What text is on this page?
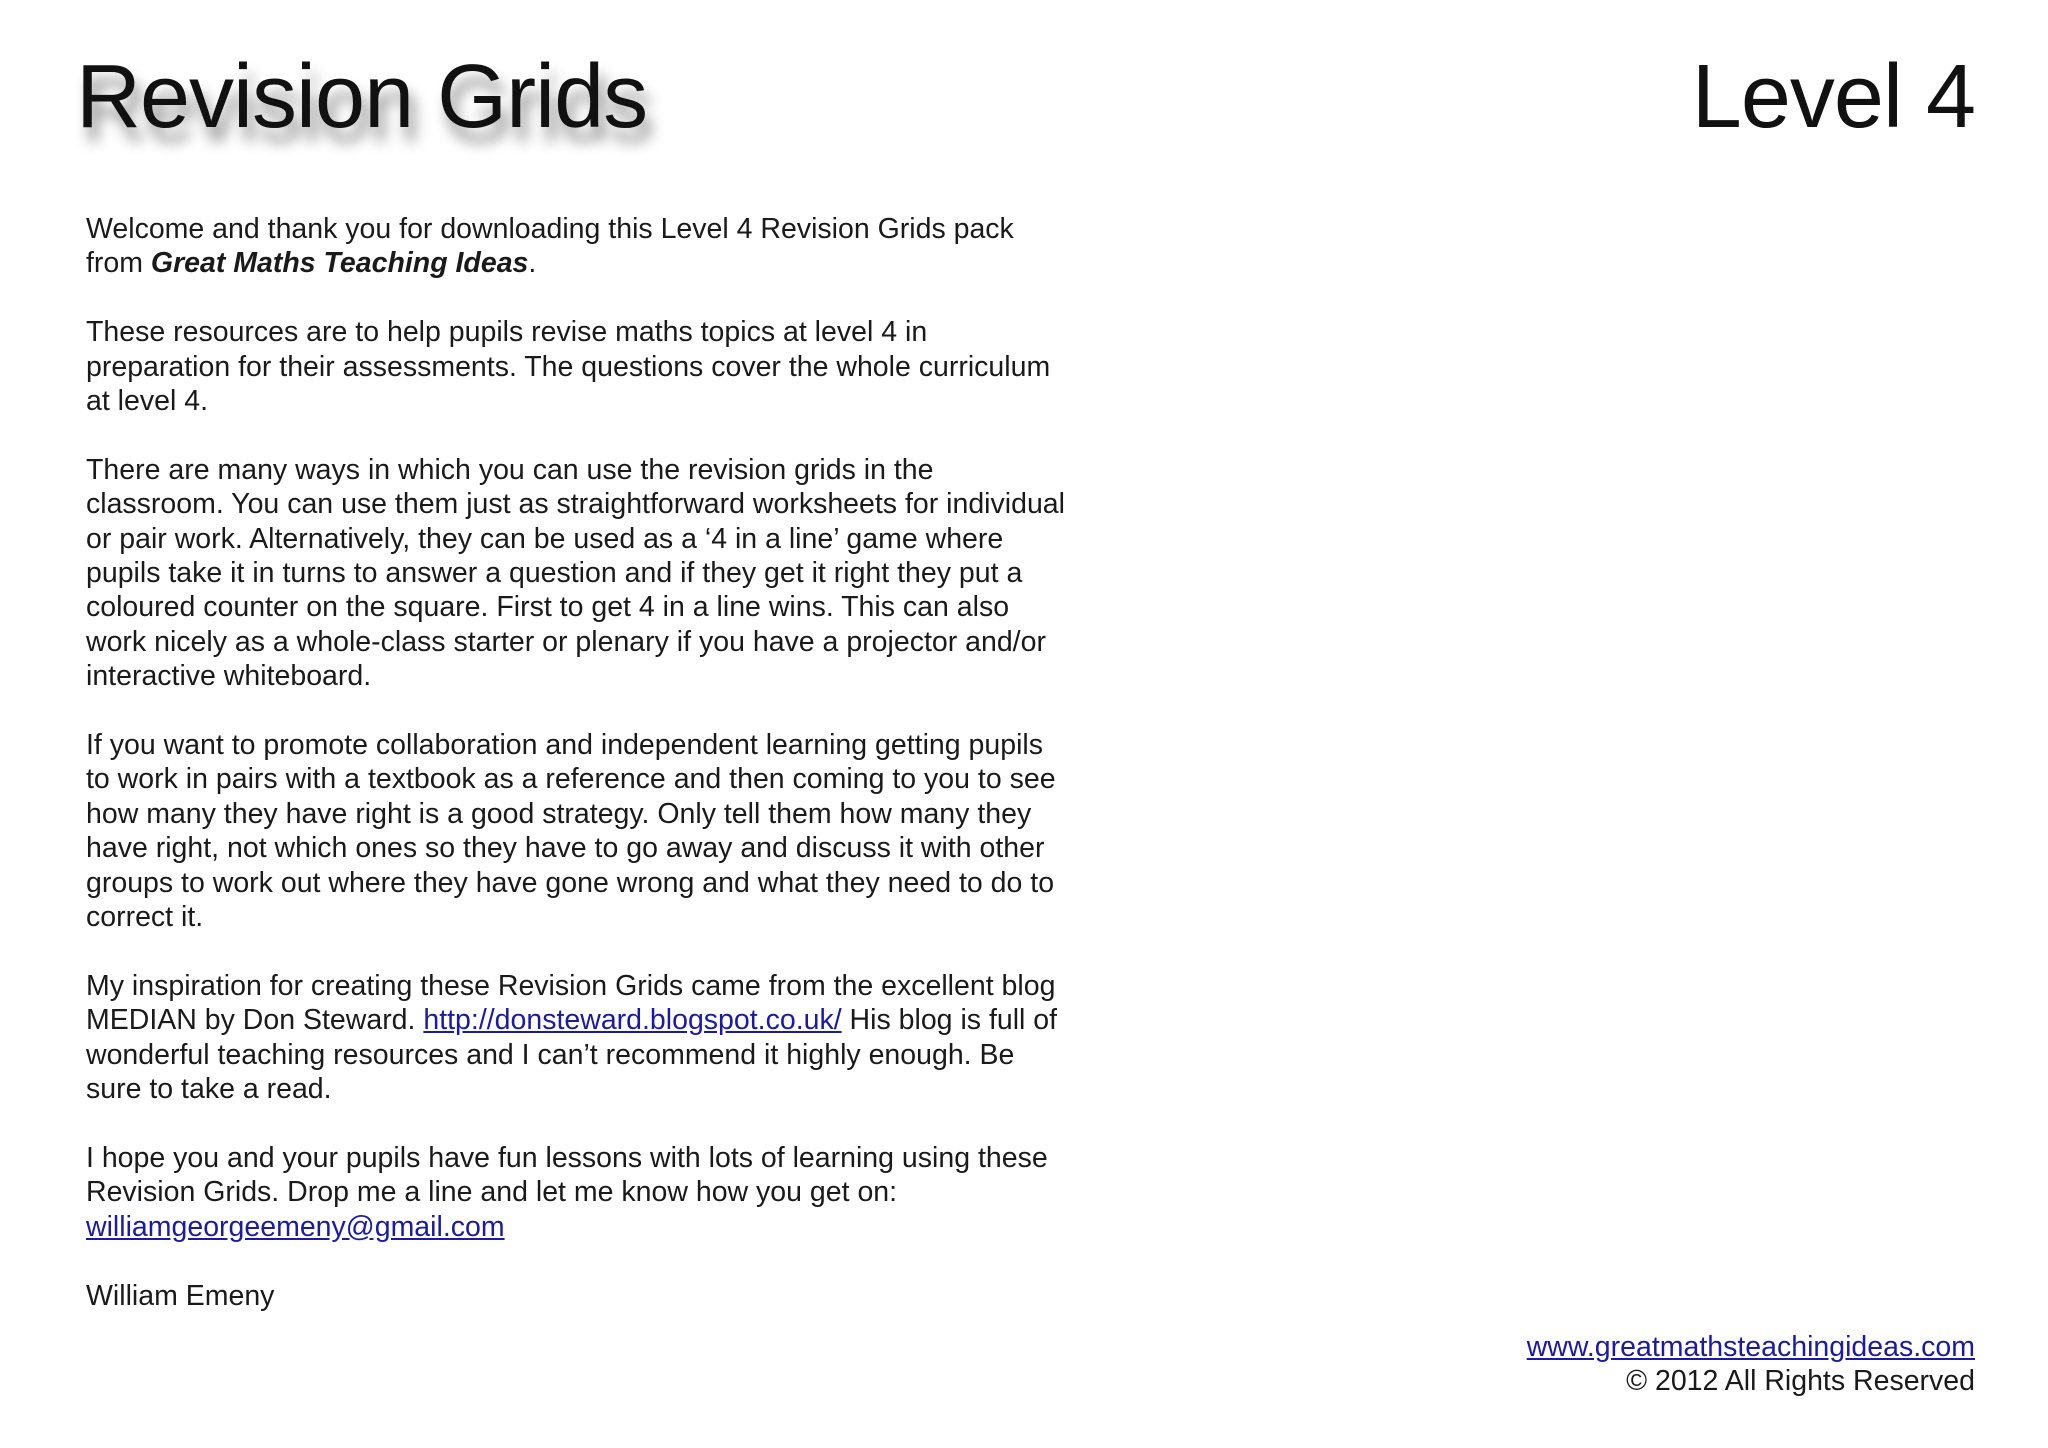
Revision Grids	Level 4

Welcome and thank you for downloading this Level 4 Revision Grids pack from Great Maths Teaching Ideas.

These resources are to help pupils revise maths topics at level 4 in preparation for their assessments. The questions cover the whole curriculum at level 4.

There are many ways in which you can use the revision grids in the classroom. You can use them just as straightforward worksheets for individual or pair work. Alternatively, they can be used as a ‘4 in a line’ game where pupils take it in turns to answer a question and if they get it right they put a coloured counter on the square. First to get 4 in a line wins. This can also work nicely as a whole-class starter or plenary if you have a projector and/or interactive whiteboard.

If you want to promote collaboration and independent learning getting pupils to work in pairs with a textbook as a reference and then coming to you to see how many they have right is a good strategy. Only tell them how many they have right, not which ones so they have to go away and discuss it with other groups to work out where they have gone wrong and what they need to do to correct it.

My inspiration for creating these Revision Grids came from the excellent blog MEDIAN by Don Steward. http://donsteward.blogspot.co.uk/ His blog is full of wonderful teaching resources and I can’t recommend it highly enough. Be sure to take a read.

I hope you and your pupils have fun lessons with lots of learning using these Revision Grids. Drop me a line and let me know how you get on: williamgeorgeemeny@gmail.com

William Emeny

www.greatmathsteachingideas.com
© 2012 All Rights Reserved
